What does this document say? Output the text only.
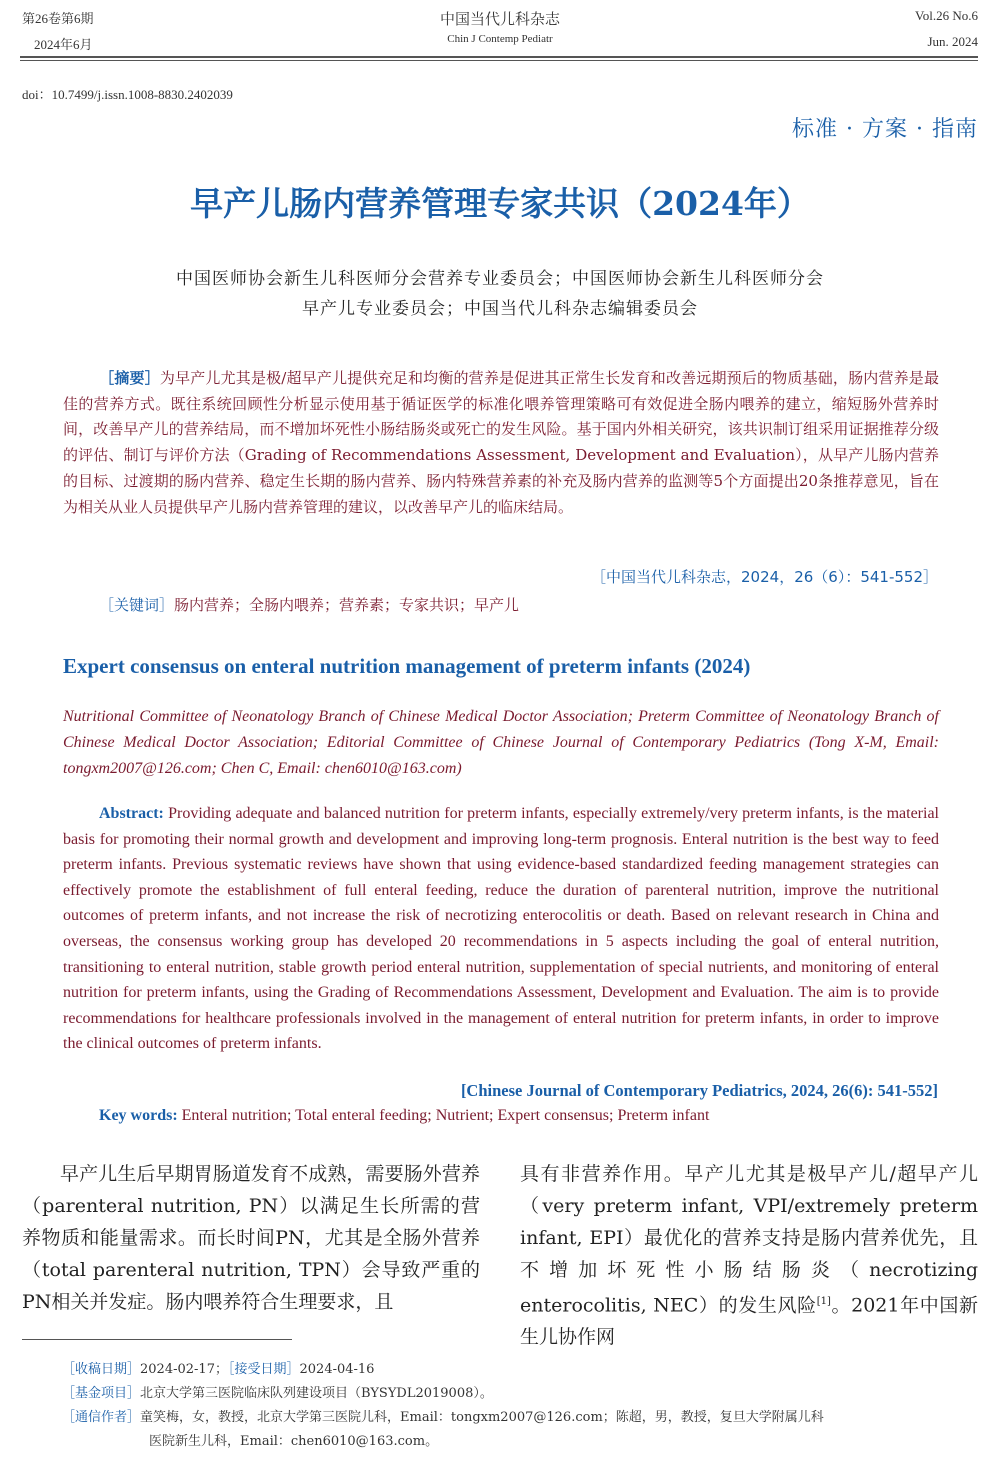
第26卷第6期
2024年6月
中国当代儿科杂志
Chin J Contemp Pediatr
Vol.26 No.6
Jun. 2024
doi：10.7499/j.issn.1008-8830.2402039
标准 · 方案 · 指南
早产儿肠内营养管理专家共识（2024年）
中国医师协会新生儿科医师分会营养专业委员会；中国医师协会新生儿科医师分会
早产儿专业委员会；中国当代儿科杂志编辑委员会
［摘要］为早产儿尤其是极/超早产儿提供充足和均衡的营养是促进其正常生长发育和改善远期预后的物质基础，肠内营养是最佳的营养方式。既往系统回顾性分析显示使用基于循证医学的标准化喂养管理策略可有效促进全肠内喂养的建立，缩短肠外营养时间，改善早产儿的营养结局，而不增加坏死性小肠结肠炎或死亡的发生风险。基于国内外相关研究，该共识制订组采用证据推荐分级的评估、制订与评价方法（Grading of Recommendations Assessment, Development and Evaluation），从早产儿肠内营养的目标、过渡期的肠内营养、稳定生长期的肠内营养、肠内特殊营养素的补充及肠内营养的监测等5个方面提出20条推荐意见，旨在为相关从业人员提供早产儿肠内营养管理的建议，以改善早产儿的临床结局。
［中国当代儿科杂志，2024，26（6）：541-552］
［关键词］肠内营养；全肠内喂养；营养素；专家共识；早产儿
Expert consensus on enteral nutrition management of preterm infants (2024)
Nutritional Committee of Neonatology Branch of Chinese Medical Doctor Association; Preterm Committee of Neonatology Branch of Chinese Medical Doctor Association; Editorial Committee of Chinese Journal of Contemporary Pediatrics (Tong X-M, Email: tongxm2007@126.com; Chen C, Email: chen6010@163.com)
Abstract: Providing adequate and balanced nutrition for preterm infants, especially extremely/very preterm infants, is the material basis for promoting their normal growth and development and improving long-term prognosis. Enteral nutrition is the best way to feed preterm infants. Previous systematic reviews have shown that using evidence-based standardized feeding management strategies can effectively promote the establishment of full enteral feeding, reduce the duration of parenteral nutrition, improve the nutritional outcomes of preterm infants, and not increase the risk of necrotizing enterocolitis or death. Based on relevant research in China and overseas, the consensus working group has developed 20 recommendations in 5 aspects including the goal of enteral nutrition, transitioning to enteral nutrition, stable growth period enteral nutrition, supplementation of special nutrients, and monitoring of enteral nutrition for preterm infants, using the Grading of Recommendations Assessment, Development and Evaluation. The aim is to provide recommendations for healthcare professionals involved in the management of enteral nutrition for preterm infants, in order to improve the clinical outcomes of preterm infants.
[Chinese Journal of Contemporary Pediatrics, 2024, 26(6): 541-552]
Key words: Enteral nutrition; Total enteral feeding; Nutrient; Expert consensus; Preterm infant
早产儿生后早期胃肠道发育不成熟，需要肠外营养（parenteral nutrition, PN）以满足生长所需的营养物质和能量需求。而长时间PN，尤其是全肠外营养（total parenteral nutrition, TPN）会导致严重的PN相关并发症。肠内喂养符合生理要求，且
具有非营养作用。早产儿尤其是极早产儿/超早产儿（very preterm infant, VPI/extremely preterm infant, EPI）最优化的营养支持是肠内营养优先，且不增加坏死性小肠结肠炎（necrotizing enterocolitis, NEC）的发生风险[1]。2021年中国新生儿协作网
［收稿日期］2024-02-17；［接受日期］2024-04-16
［基金项目］北京大学第三医院临床队列建设项目（BYSYDL2019008）。
［通信作者］童笑梅，女，教授，北京大学第三医院儿科，Email：tongxm2007@126.com；陈超，男，教授，复旦大学附属儿科
医院新生儿科，Email：chen6010@163.com。
